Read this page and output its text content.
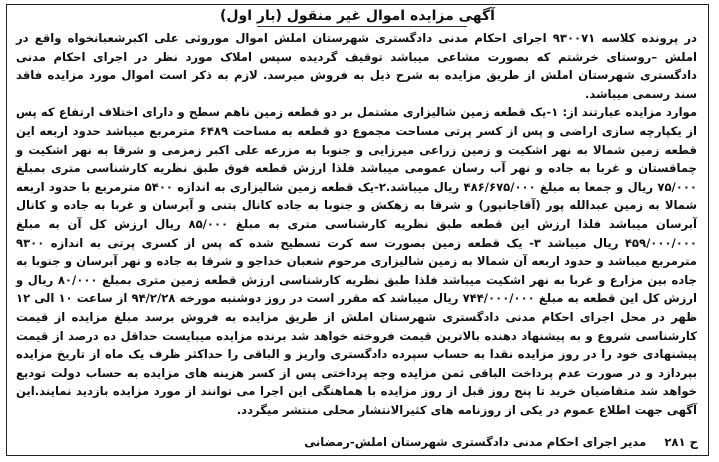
آگهی مزایده اموال غیر منقول (بار اول)

در پرونده کلاسه ۹۳۰۰۷۱ اجرای احکام مدنی دادگستری شهرستان املش اموال موروثی علی اکبرشعبانخواه واقع در املش –روستای خرشتم که بصورت مشاعی میباشد توقیف گردیده سپس املاک مورد نظر در اجرای احکام مدنی دادگستری شهرستان املش از طریق مزایده به شرح ذیل به فروش میرسد. لازم به ذکر است اموال مورد مزایده فاقد سند رسمی میباشد.

موارد مزایده عبارتند از: ۱-یک قطعه زمین شالیزاری مشتمل بر دو قطعه زمین ناهم سطح و دارای اختلاف ارتفاع که پس از یکپارچه سازی اراضی و پس از کسر پرتی مساحت مجموع دو قطعه به مساحت ۶۴۸۹ مترمربع میباشد حدود اربعه این قطعه زمین شمالا به نهر اشکیت و زمین زراعی میرزایی و جنوبا به مزرعه علی اکبر زمزمی و شرقا به نهر اشکیت و چماقستان و غربا به جاده و نهر آب رسان عمومی میباشد فلذا ارزش قطعه فوق طبق نظریه کارشناسی متری بمبلغ ۷۵/۰۰۰ ریال و جمعا به مبلغ ۴۸۶/۶۷۵/۰۰۰ ریال میباشد.۲-یک قطعه زمین شالیزاری به اندازه ۵۴۰۰ مترمربع با حدود اربعه شمالا به زمین عبدالله پور (آقاجانپور) و شرقا به زهکش و جنوبا به جاده کانال بتنی و آبرسان و غربا به جاده و کانال آبرسان میباشد فلذا ارزش این قطعه طبق نظریه کارشناسی متری به مبلغ ۸۵/۰۰۰ ریال ارزش کل آن به مبلغ ۴۵۹/۰۰۰/۰۰۰ ریال میباشد ۳- یک قطعه زمین بصورت سه کرت تسطیح شده که پس از کسری پرتی به اندازه ۹۳۰۰ مترمربع میباشد و حدود اربعه آن شمالا به زمین شالیزاری مرحوم شعبان خداجو و شرقا به جاده و نهر آبرسان و جنوبا به جاده بین مزارع و غربا به نهر اشکیت میباشد فلذا طبق نظریه کارشناسی ارزش قطعه زمین متری بمبلغ ۸۰/۰۰۰ ریال و ارزش کل این قطعه به مبلغ ۷۴۴/۰۰۰/۰۰۰ ریال میباشد که مقرر است در روز دوشنبه مورخه ۹۴/۲/۲۸ از ساعت ۱۰ الی ۱۲ ظهر در محل اجرای احکام مدنی دادگستری شهرستان املش از طریق مزایده به فروش برسد مبلغ مزایده از قیمت کارشناسی شروع و به پیشنهاد دهنده بالاترین قیمت فروخته خواهد شد برنده مزایده میبایست حداقل ده درصد از قیمت پیشنهادی خود را در روز مزایده نقدا به حساب سپرده دادگستری واریز و الباقی را حداکثر ظرف یک ماه از تاریخ مزایده بپردازد و در صورت عدم پرداخت الباقی ثمن مزایده وجه پرداختی پس از کسر هزینه های مزایده به حساب دولت تودیع خواهد شد متقاضیان خرید تا پنج روز قبل از روز مزایده با هماهنگی این اجرا می توانند از مورد مزایده بازدید نمایند.این آگهی جهت اطلاع عموم در یکی از روزنامه های کثیرالانتشار محلی منتشر میگردد.

ح ۲۸۱ مدیر اجرای احکام مدنی دادگستری شهرستان املش-رمضانی
